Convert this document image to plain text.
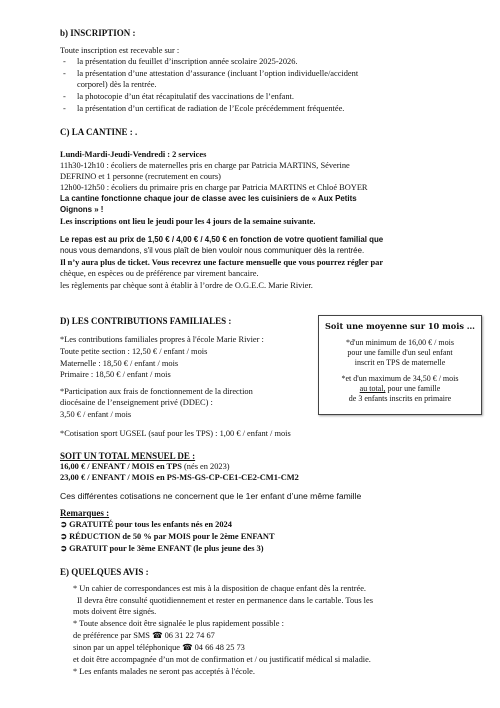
b) INSCRIPTION :
Toute inscription est recevable sur :
- la présentation du feuillet d’inscription année scolaire 2025-2026.
- la présentation d’une attestation d’assurance (incluant l’option individuelle/accident
corporel) dès la rentrée.
- la photocopie d’un état récapitulatif des vaccinations de l’enfant.
- la présentation d’un certificat de radiation de l’Ecole précédemment fréquentée.
C) LA CANTINE : .
Lundi-Mardi-Jeudi-Vendredi : 2 services
11h30-12h10 : écoliers de maternelles pris en charge par Patricia MARTINS, Séverine
DEFRINO et 1 personne (recrutement en cours)
12h00-12h50 : écoliers du primaire pris en charge par Patricia MARTINS et Chloé BOYER
La cantine fonctionne chaque jour de classe avec les cuisiniers de « Aux Petits
Oignons » !
Les inscriptions ont lieu le jeudi pour les 4 jours de la semaine suivante.
Le repas est au prix de 1,50 € / 4,00 € / 4,50 € en fonction de votre quotient familial que
nous vous demandons, s'il vous plaît de bien vouloir nous communiquer dès la rentrée.
Il n’y aura plus de ticket. Vous recevrez une facture mensuelle que vous pourrez régler par
chèque, en espèces ou de préférence par virement bancaire.
les règlements par chèque sont à établir à l’ordre de O.G.E.C. Marie Rivier.
D) LES CONTRIBUTIONS FAMILIALES :
*Les contributions familiales propres à l'école Marie Rivier :
Toute petite section : 12,50 € / enfant / mois
Maternelle : 18,50 € / enfant / mois
Primaire : 18,50 € / enfant / mois
*Participation aux frais de fonctionnement de la direction
diocésaine de l’enseignement privé (DDEC) :
3,50 € / enfant / mois
*Cotisation sport UGSEL (sauf pour les TPS) : 1,00 € / enfant / mois
Soit une moyenne sur 10 mois …
*d'un minimum de 16,00 € / mois
pour une famille d'un seul enfant
inscrit en TPS de maternelle
*et d'un maximum de 34,50 € / mois
au total, pour une famille
de 3 enfants inscrits en primaire
SOIT UN TOTAL MENSUEL DE :
16,00 € / ENFANT / MOIS en TPS (nés en 2023)
23,00 € / ENFANT / MOIS en PS-MS-GS-CP-CE1-CE2-CM1-CM2
Ces différentes cotisations ne concernent que le 1er enfant d’une même famille
Remarques :
➲ GRATUITÉ pour tous les enfants nés en 2024
➲ RÉDUCTION de 50 % par MOIS pour le 2ème ENFANT
➲ GRATUIT pour le 3ème ENFANT (le plus jeune des 3)
E) QUELQUES AVIS :
* Un cahier de correspondances est mis à la disposition de chaque enfant dès la rentrée.
Il devra être consulté quotidiennement et rester en permanence dans le cartable. Tous les
mots doivent être signés.
* Toute absence doit être signalée le plus rapidement possible :
de préférence par SMS ☎ 06 31 22 74 67
sinon par un appel téléphonique ☎ 04 66 48 25 73
et doit être accompagnée d’un mot de confirmation et / ou justificatif médical si maladie.
* Les enfants malades ne seront pas acceptés à l'école.
